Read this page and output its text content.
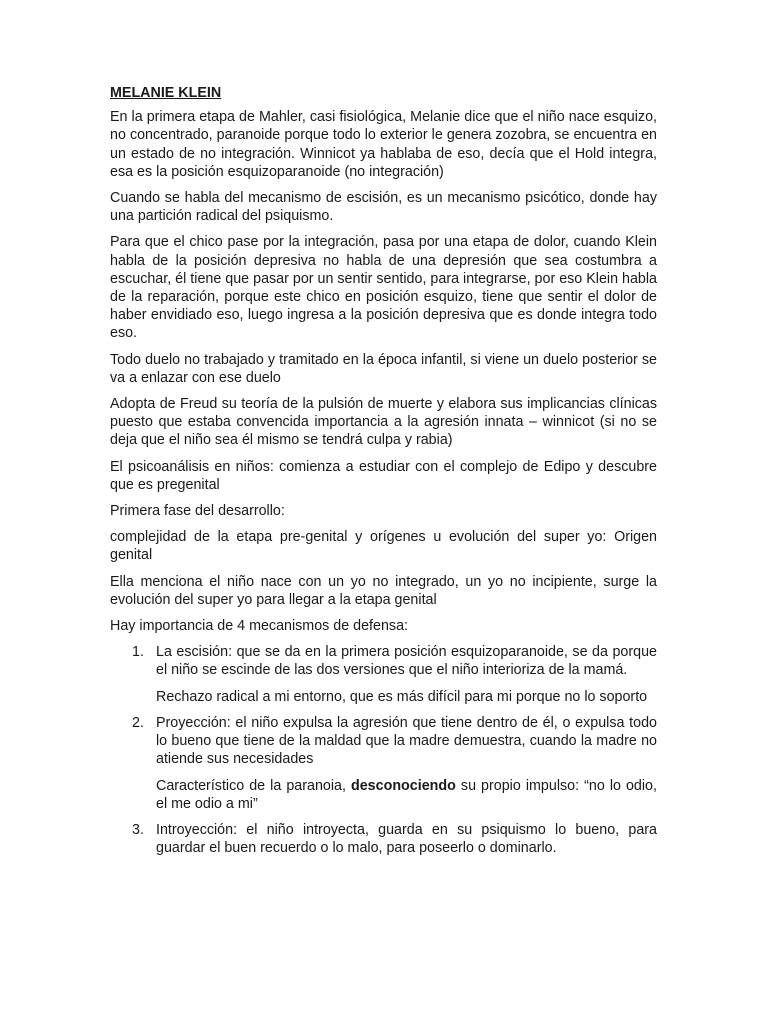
MELANIE KLEIN

En la primera etapa de Mahler, casi fisiológica, Melanie dice que el niño nace esquizo, no concentrado, paranoide porque todo lo exterior le genera zozobra, se encuentra en un estado de no integración. Winnicot ya hablaba de eso, decía que el Hold integra, esa es la posición esquizoparanoide (no integración)

Cuando se habla del mecanismo de escisión, es un mecanismo psicótico, donde hay una partición radical del psiquismo.

Para que el chico pase por la integración, pasa por una etapa de dolor, cuando Klein habla de la posición depresiva no habla de una depresión que sea costumbra a escuchar, él tiene que pasar por un sentir sentido, para integrarse, por eso Klein habla de la reparación, porque este chico en posición esquizo, tiene que sentir el dolor de haber envidiado eso, luego ingresa a la posición depresiva que es donde integra todo eso.

Todo duelo no trabajado y tramitado en la época infantil, si viene un duelo posterior se va a enlazar con ese duelo

Adopta de Freud su teoría de la pulsión de muerte y elabora sus implicancias clínicas puesto que estaba convencida importancia a la agresión innata – winnicot (si no se deja que el niño sea él mismo se tendrá culpa y rabia)

El psicoanálisis en niños: comienza a estudiar con el complejo de Edipo y descubre que es pregenital

Primera fase del desarrollo:

complejidad de la etapa pre-genital y orígenes u evolución del super yo: Origen genital

Ella menciona el niño nace con un yo no integrado, un yo no incipiente, surge la evolución del super yo para llegar a la etapa genital

Hay importancia de 4 mecanismos de defensa:

1. La escisión: que se da en la primera posición esquizoparanoide, se da porque el niño se escinde de las dos versiones que el niño interioriza de la mamá.

Rechazo radical a mi entorno, que es más difícil para mi porque no lo soporto

2. Proyección: el niño expulsa la agresión que tiene dentro de él, o expulsa todo lo bueno que tiene de la maldad que la madre demuestra, cuando la madre no atiende sus necesidades

Característico de la paranoia, desconociendo su propio impulso: “no lo odio, el me odio a mi”

3. Introyección: el niño introyecta, guarda en su psiquismo lo bueno, para guardar el buen recuerdo o lo malo, para poseerlo o dominarlo.
